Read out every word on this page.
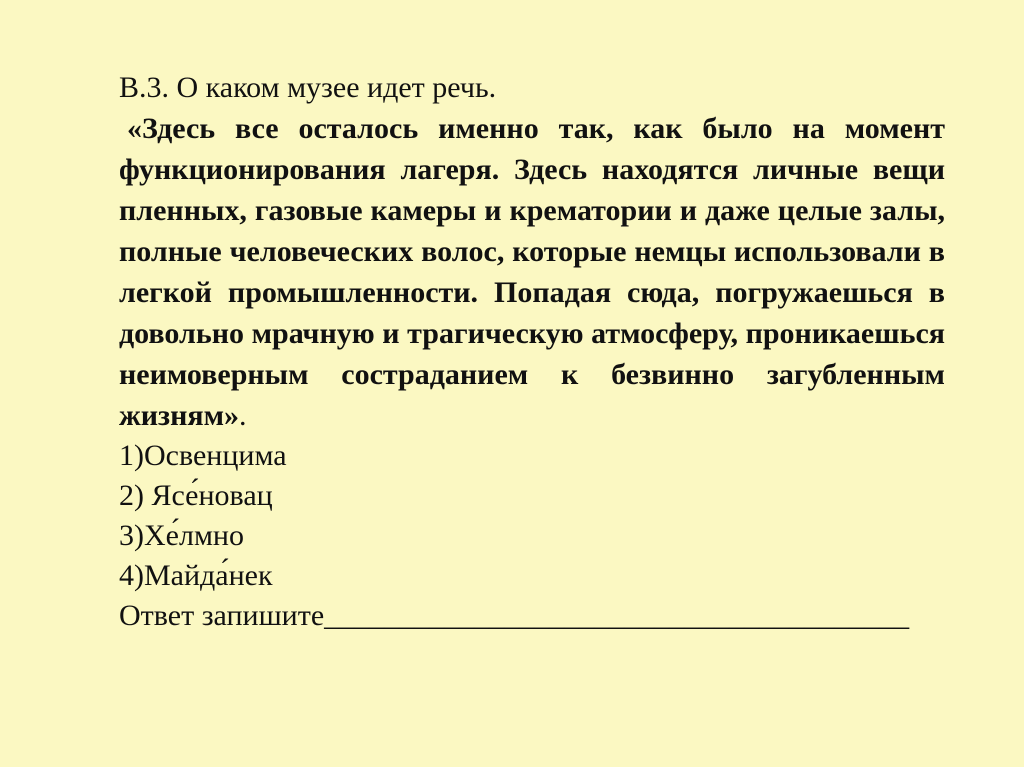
В.3. О каком музее идет речь.

«Здесь все осталось именно так, как было на момент функционирования лагеря. Здесь находятся личные вещи пленных, газовые камеры и крематории и даже целые залы, полные человеческих волос, которые немцы использовали в легкой промышленности. Попадая сюда, погружаешься в довольно мрачную и трагическую атмосферу, проникаешься неимоверным состраданием к безвинно загубленным жизням».

1)Освенцима
2) Ясе́новац
3)Хе́лмно
4)Майда́нек

Ответ запишите_______________________________________
